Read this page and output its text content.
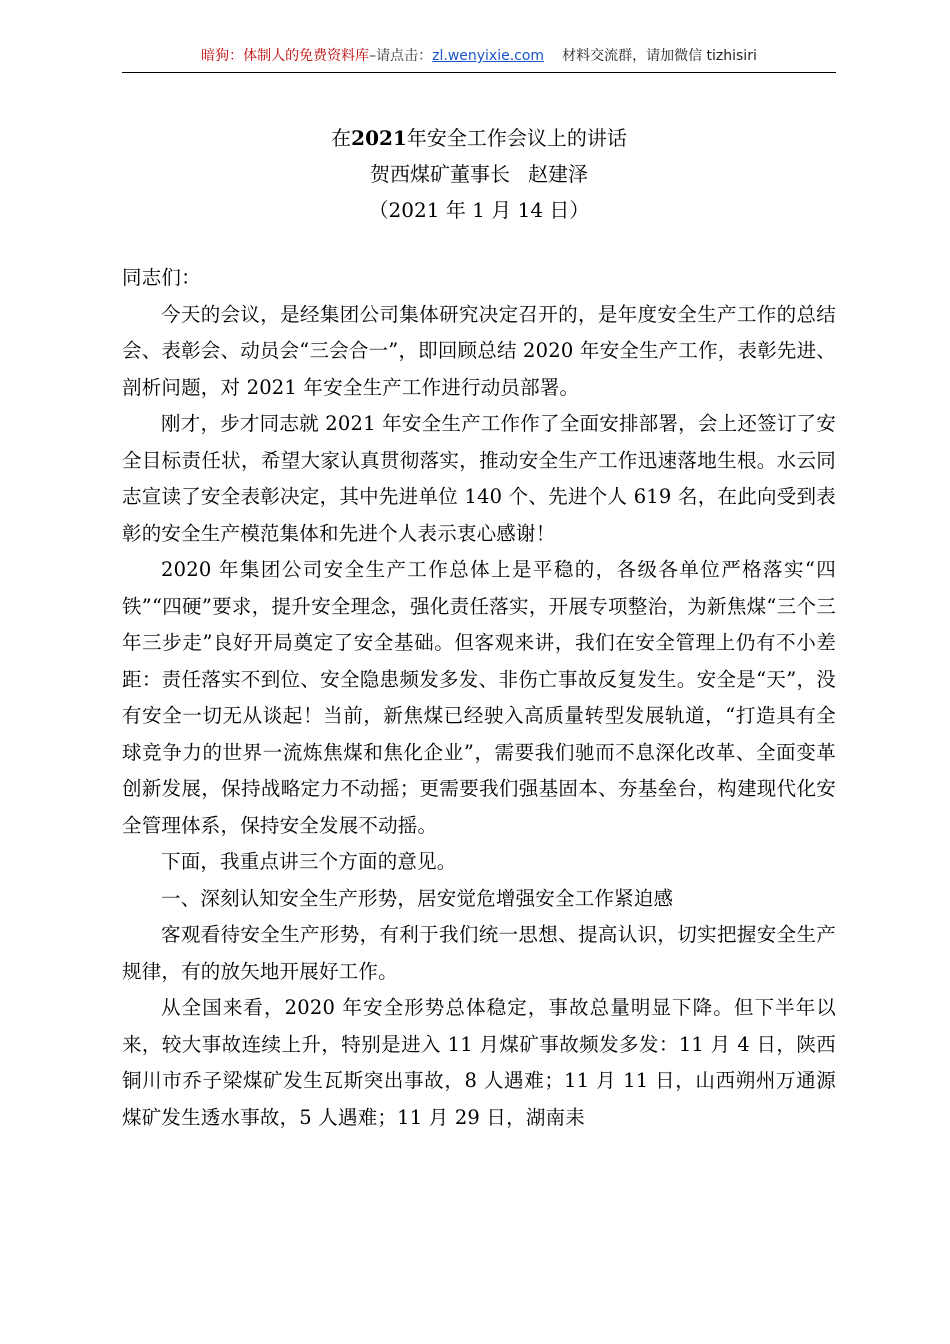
暗狗：体制人的免费资料库–请点击：zl.wenyixie.com 材料交流群，请加微信 tizhisiri
在2021年安全工作会议上的讲话
贺西煤矿董事长 赵建泽
（2021 年 1 月 14 日）

同志们：

今天的会议，是经集团公司集体研究决定召开的，是年度安全生产工作的总结会、表彰会、动员会“三会合一”，即回顾总结 2020 年安全生产工作，表彰先进、剖析问题，对 2021 年安全生产工作进行动员部署。

刚才，步才同志就 2021 年安全生产工作作了全面安排部署，会上还签订了安全目标责任状，希望大家认真贯彻落实，推动安全生产工作迅速落地生根。水云同志宣读了安全表彰决定，其中先进单位 140 个、先进个人 619 名，在此向受到表彰的安全生产模范集体和先进个人表示衷心感谢！

2020 年集团公司安全生产工作总体上是平稳的，各级各单位严格落实“四铁”“四硬”要求，提升安全理念，强化责任落实，开展专项整治，为新焦煤“三个三年三步走”良好开局奠定了安全基础。但客观来讲，我们在安全管理上仍有不小差距：责任落实不到位、安全隐患频发多发、非伤亡事故反复发生。安全是“天”，没有安全一切无从谈起！当前，新焦煤已经驶入高质量转型发展轨道，“打造具有全球竞争力的世界一流炼焦煤和焦化企业”，需要我们驰而不息深化改革、全面变革创新发展，保持战略定力不动摇；更需要我们强基固本、夯基垒台，构建现代化安全管理体系，保持安全发展不动摇。

下面，我重点讲三个方面的意见。

一、深刻认知安全生产形势，居安觉危增强安全工作紧迫感

客观看待安全生产形势，有利于我们统一思想、提高认识，切实把握安全生产规律，有的放矢地开展好工作。

从全国来看，2020 年安全形势总体稳定，事故总量明显下降。但下半年以来，较大事故连续上升，特别是进入 11 月煤矿事故频发多发：11 月 4 日，陕西铜川市乔子梁煤矿发生瓦斯突出事故，8 人遇难；11 月 11 日，山西朔州万通源煤矿发生透水事故，5 人遇难；11 月 29 日，湖南耒
